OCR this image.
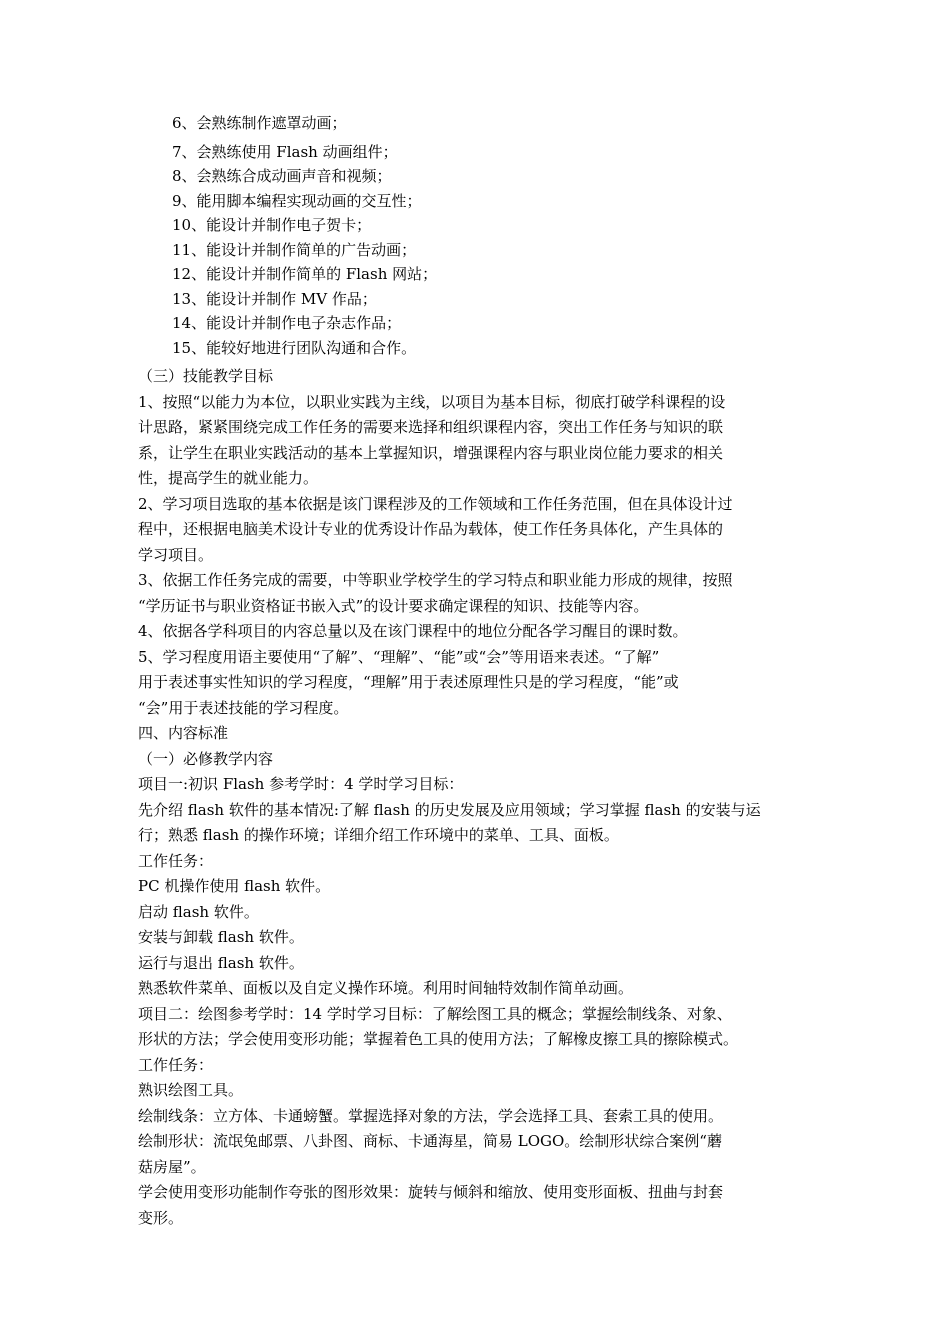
6、会熟练制作遮罩动画；
7、会熟练使用 Flash 动画组件；
8、会熟练合成动画声音和视频；
9、能用脚本编程实现动画的交互性；
10、能设计并制作电子贺卡；
11、能设计并制作简单的广告动画；
12、能设计并制作简单的 Flash 网站；
13、能设计并制作 MV 作品；
14、能设计并制作电子杂志作品；
15、能较好地进行团队沟通和合作。
（三）技能教学目标
1、按照“以能力为本位，以职业实践为主线，以项目为基本目标，彻底打破学科课程的设
计思路，紧紧围绕完成工作任务的需要来选择和组织课程内容，突出工作任务与知识的联
系，让学生在职业实践活动的基本上掌握知识，增强课程内容与职业岗位能力要求的相关
性，提高学生的就业能力。
2、学习项目选取的基本依据是该门课程涉及的工作领域和工作任务范围，但在具体设计过
程中，还根据电脑美术设计专业的优秀设计作品为载体，使工作任务具体化，产生具体的
学习项目。
3、依据工作任务完成的需要，中等职业学校学生的学习特点和职业能力形成的规律，按照
“学历证书与职业资格证书嵌入式”的设计要求确定课程的知识、技能等内容。
4、依据各学科项目的内容总量以及在该门课程中的地位分配各学习醒目的课时数。
5、学习程度用语主要使用“了解”、“理解”、“能”或“会”等用语来表述。“了解”
用于表述事实性知识的学习程度，“理解”用于表述原理性只是的学习程度，“能”或
“会”用于表述技能的学习程度。
四、内容标准
（一）必修教学内容
项目一:初识 Flash 参考学时：4 学时学习目标：
先介绍 flash 软件的基本情况:了解 flash 的历史发展及应用领域；学习掌握 flash 的安装与运
行；熟悉 flash 的操作环境；详细介绍工作环境中的菜单、工具、面板。
工作任务：
PC 机操作使用 flash 软件。
启动 flash 软件。
安装与卸载 flash 软件。
运行与退出 flash 软件。
熟悉软件菜单、面板以及自定义操作环境。利用时间轴特效制作简单动画。
项目二：绘图参考学时：14 学时学习目标：了解绘图工具的概念；掌握绘制线条、对象、
形状的方法；学会使用变形功能；掌握着色工具的使用方法；了解橡皮擦工具的擦除模式。
工作任务：
熟识绘图工具。
绘制线条：立方体、卡通螃蟹。掌握选择对象的方法，学会选择工具、套索工具的使用。
绘制形状：流氓兔邮票、八卦图、商标、卡通海星，简易 LOGO。绘制形状综合案例“蘑
菇房屋”。
学会使用变形功能制作夸张的图形效果：旋转与倾斜和缩放、使用变形面板、扭曲与封套
变形。
